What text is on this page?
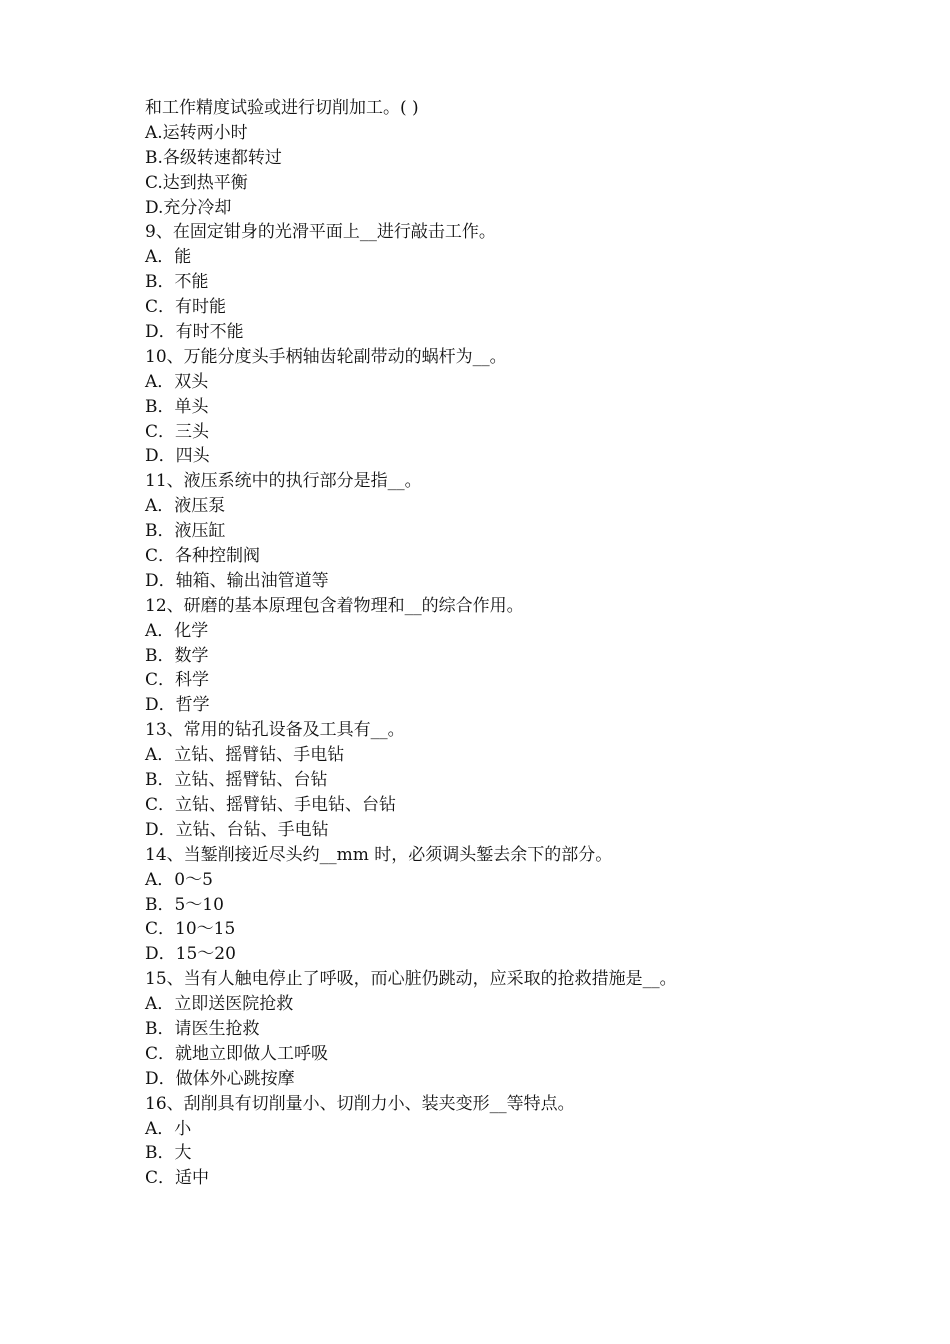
和工作精度试验或进行切削加工。( )
A.运转两小时
B.各级转速都转过
C.达到热平衡
D.充分冷却
9、在固定钳身的光滑平面上__进行敲击工作。
A．能
B．不能
C．有时能
D．有时不能
10、万能分度头手柄轴齿轮副带动的蜗杆为__。
A．双头
B．单头
C．三头
D．四头
11、液压系统中的执行部分是指__。
A．液压泵
B．液压缸
C．各种控制阀
D．轴箱、输出油管道等
12、研磨的基本原理包含着物理和__的综合作用。
A．化学
B．数学
C．科学
D．哲学
13、常用的钻孔设备及工具有__。
A．立钻、摇臂钻、手电钻
B．立钻、摇臂钻、台钻
C．立钻、摇臂钻、手电钻、台钻
D．立钻、台钻、手电钻
14、当錾削接近尽头约__mm 时，必须调头錾去余下的部分。
A．0～5
B．5～10
C．10～15
D．15～20
15、当有人触电停止了呼吸，而心脏仍跳动，应采取的抢救措施是__。
A．立即送医院抢救
B．请医生抢救
C．就地立即做人工呼吸
D．做体外心跳按摩
16、刮削具有切削量小、切削力小、装夹变形__等特点。
A．小
B．大
C．适中
